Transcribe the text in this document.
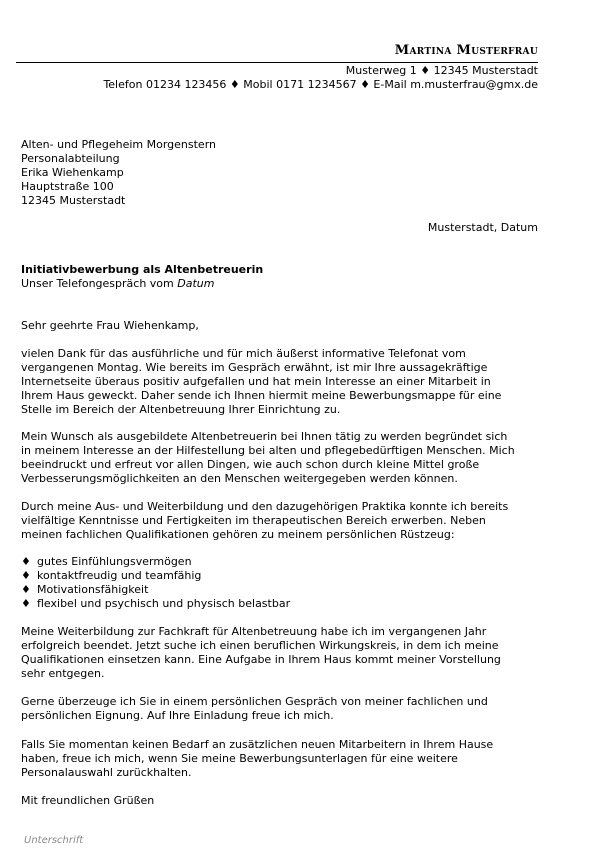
Martina Musterfrau
Musterweg 1 ♦ 12345 Musterstadt
Telefon 01234 123456 ♦ Mobil 0171 1234567 ♦ E-Mail m.musterfrau@gmx.de
Alten- und Pflegeheim Morgenstern
Personalabteilung
Erika Wiehenkamp
Hauptstraße 100
12345 Musterstadt
Musterstadt, Datum
Initiativbewerbung als Altenbetreuerin
Unser Telefongespräch vom Datum
Sehr geehrte Frau Wiehenkamp,
vielen Dank für das ausführliche und für mich äußerst informative Telefonat vom
vergangenen Montag. Wie bereits im Gespräch erwähnt, ist mir Ihre aussagekräftige
Internetseite überaus positiv aufgefallen und hat mein Interesse an einer Mitarbeit in
Ihrem Haus geweckt. Daher sende ich Ihnen hiermit meine Bewerbungsmappe für eine
Stelle im Bereich der Altenbetreuung Ihrer Einrichtung zu.
Mein Wunsch als ausgebildete Altenbetreuerin bei Ihnen tätig zu werden begründet sich
in meinem Interesse an der Hilfestellung bei alten und pflegebedürftigen Menschen. Mich
beeindruckt und erfreut vor allen Dingen, wie auch schon durch kleine Mittel große
Verbesserungsmöglichkeiten an den Menschen weitergegeben werden können.
Durch meine Aus- und Weiterbildung und den dazugehörigen Praktika konnte ich bereits
vielfältige Kenntnisse und Fertigkeiten im therapeutischen Bereich erwerben. Neben
meinen fachlichen Qualifikationen gehören zu meinem persönlichen Rüstzeug:
♦ gutes Einfühlungsvermögen
♦ kontaktfreudig und teamfähig
♦ Motivationsfähigkeit
♦ flexibel und psychisch und physisch belastbar
Meine Weiterbildung zur Fachkraft für Altenbetreuung habe ich im vergangenen Jahr
erfolgreich beendet. Jetzt suche ich einen beruflichen Wirkungskreis, in dem ich meine
Qualifikationen einsetzen kann. Eine Aufgabe in Ihrem Haus kommt meiner Vorstellung
sehr entgegen.
Gerne überzeuge ich Sie in einem persönlichen Gespräch von meiner fachlichen und
persönlichen Eignung. Auf Ihre Einladung freue ich mich.
Falls Sie momentan keinen Bedarf an zusätzlichen neuen Mitarbeitern in Ihrem Hause
haben, freue ich mich, wenn Sie meine Bewerbungsunterlagen für eine weitere
Personalauswahl zurückhalten.
Mit freundlichen Grüßen
Unterschrift
